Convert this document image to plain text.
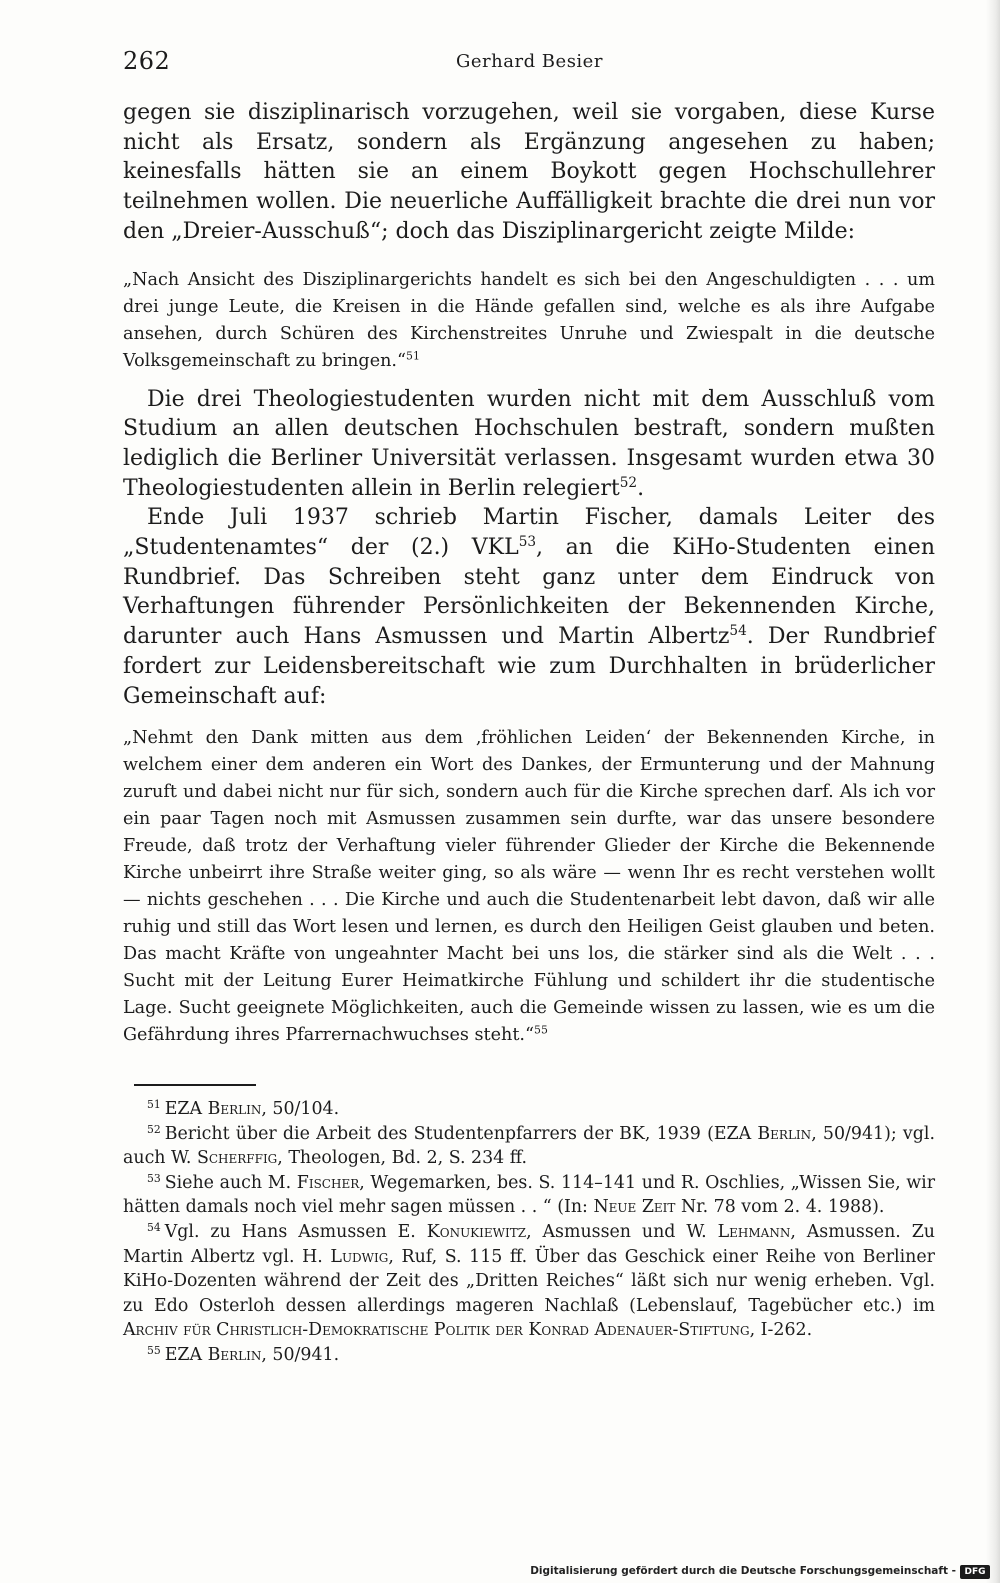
262	Gerhard Besier

gegen sie disziplinarisch vorzugehen, weil sie vorgaben, diese Kurse nicht als Ersatz, sondern als Ergänzung angesehen zu haben; keinesfalls hätten sie an einem Boykott gegen Hochschullehrer teilnehmen wollen. Die neuerliche Auffälligkeit brachte die drei nun vor den „Dreier-Ausschuß“; doch das Disziplinargericht zeigte Milde:

„Nach Ansicht des Disziplinargerichts handelt es sich bei den Angeschuldigten . . . um drei junge Leute, die Kreisen in die Hände gefallen sind, welche es als ihre Aufgabe ansehen, durch Schüren des Kirchenstreites Unruhe und Zwiespalt in die deutsche Volksgemeinschaft zu bringen.“$^{51}$

Die drei Theologiestudenten wurden nicht mit dem Ausschluß vom Studium an allen deutschen Hochschulen bestraft, sondern mußten lediglich die Berliner Universität verlassen. Insgesamt wurden etwa 30 Theologiestudenten allein in Berlin relegiert$^{52}$.

Ende Juli 1937 schrieb Martin Fischer, damals Leiter des „Studentenamtes“ der (2.) VKL$^{53}$, an die KiHo-Studenten einen Rundbrief. Das Schreiben steht ganz unter dem Eindruck von Verhaftungen führender Persönlichkeiten der Bekennenden Kirche, darunter auch Hans Asmussen und Martin Albertz$^{54}$. Der Rundbrief fordert zur Leidensbereitschaft wie zum Durchhalten in brüderlicher Gemeinschaft auf:

„Nehmt den Dank mitten aus dem ‚fröhlichen Leiden‘ der Bekennenden Kirche, in welchem einer dem anderen ein Wort des Dankes, der Ermunterung und der Mahnung zuruft und dabei nicht nur für sich, sondern auch für die Kirche sprechen darf. Als ich vor ein paar Tagen noch mit Asmussen zusammen sein durfte, war das unsere besondere Freude, daß trotz der Verhaftung vieler führender Glieder der Kirche die Bekennende Kirche unbeirrt ihre Straße weiter ging, so als wäre — wenn Ihr es recht verstehen wollt — nichts geschehen . . . Die Kirche und auch die Studentenarbeit lebt davon, daß wir alle ruhig und still das Wort lesen und lernen, es durch den Heiligen Geist glauben und beten. Das macht Kräfte von ungeahnter Macht bei uns los, die stärker sind als die Welt . . . Sucht mit der Leitung Eurer Heimatkirche Fühlung und schildert ihr die studentische Lage. Sucht geeignete Möglichkeiten, auch die Gemeinde wissen zu lassen, wie es um die Gefährdung ihres Pfarrernachwuchses steht.“$^{55}$

$^{51}$ EZA Berlin, 50/104.

$^{52}$ Bericht über die Arbeit des Studentenpfarrers der BK, 1939 (EZA Berlin, 50/941); vgl. auch W. Scherffig, Theologen, Bd. 2, S. 234 ff.

$^{53}$ Siehe auch M. Fischer, Wegemarken, bes. S. 114–141 und R. Oschlies, „Wissen Sie, wir hätten damals noch viel mehr sagen müssen . . “ (In: Neue Zeit Nr. 78 vom 2. 4. 1988).

$^{54}$ Vgl. zu Hans Asmussen E. Konukiewitz, Asmussen und W. Lehmann, Asmussen. Zu Martin Albertz vgl. H. Ludwig, Ruf, S. 115 ff. Über das Geschick einer Reihe von Berliner KiHo-Dozenten während der Zeit des „Dritten Reiches“ läßt sich nur wenig erheben. Vgl. zu Edo Osterloh dessen allerdings mageren Nachlaß (Lebenslauf, Tagebücher etc.) im Archiv für Christlich-Demokratische Politik der Konrad Adenauer-Stiftung, I-262.

$^{55}$ EZA Berlin, 50/941.

Digitalisierung gefördert durch die Deutsche Forschungsgemeinschaft - DFG
